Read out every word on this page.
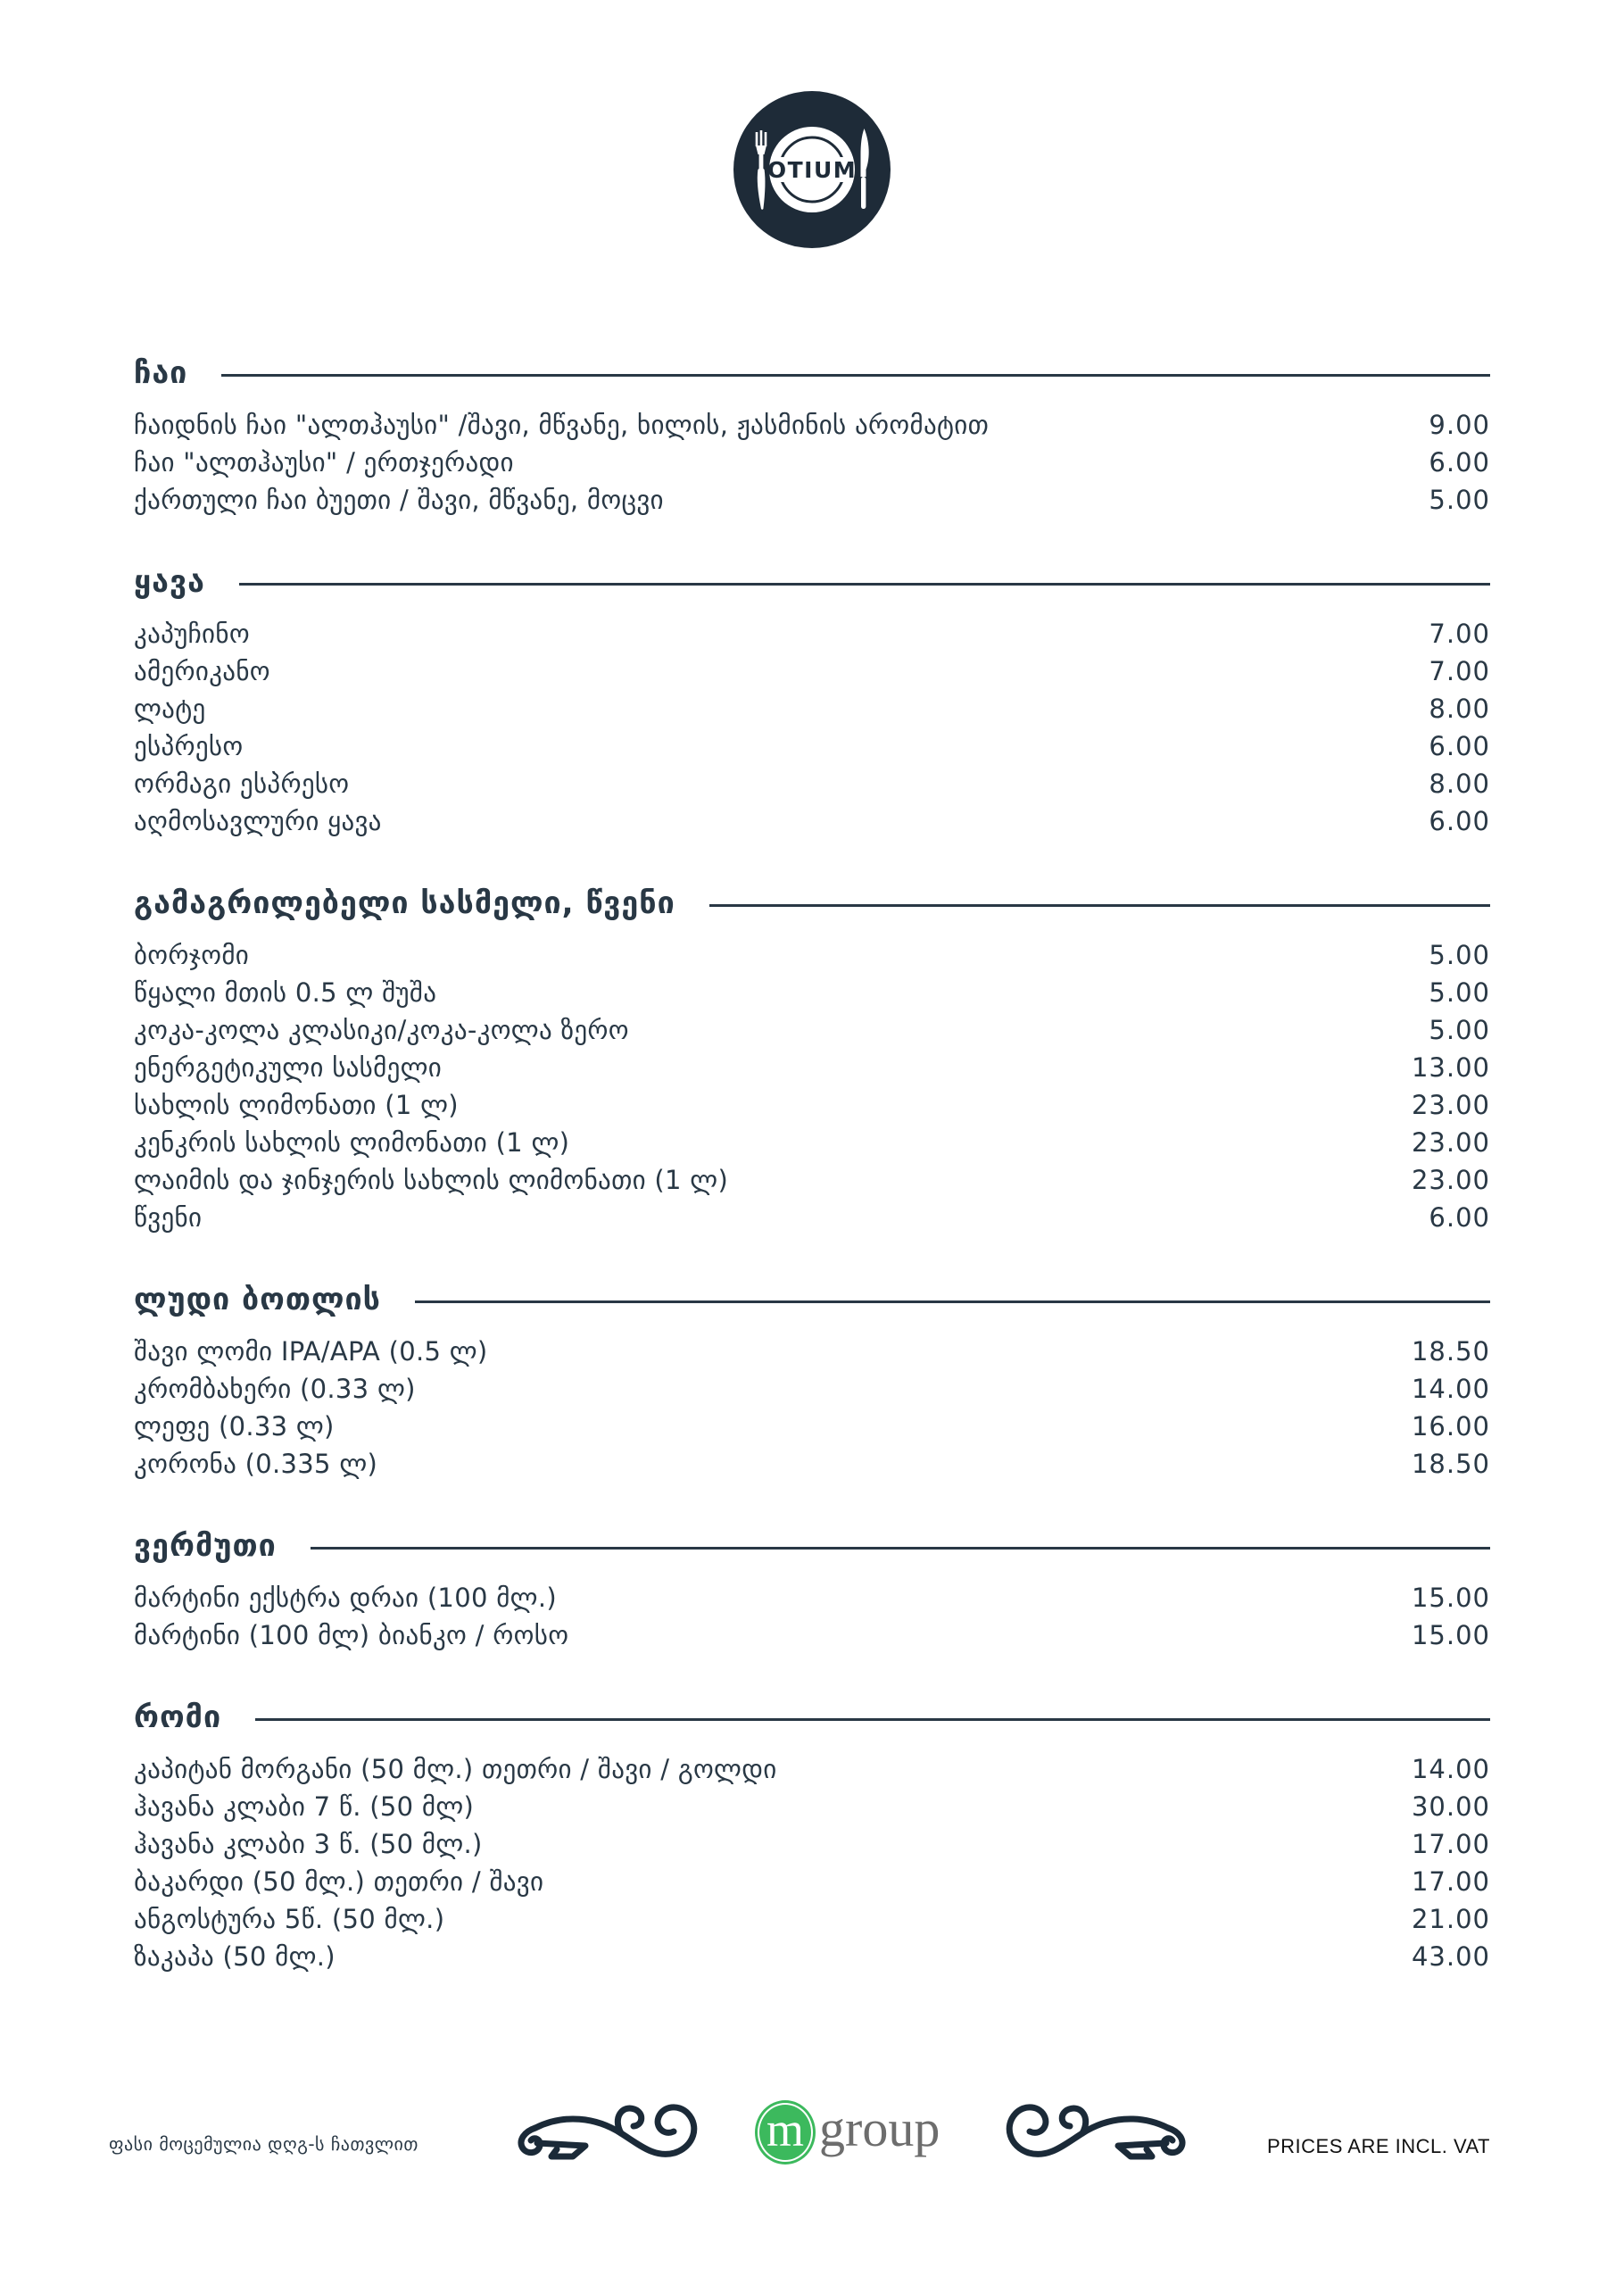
OTIUM
ჩაი
ჩაიდნის ჩაი "ალთჰაუსი" /შავი, მწვანე, ხილის, ჟასმინის არომატით	9.00
ჩაი "ალთჰაუსი" / ერთჯერადი	6.00
ქართული ჩაი ბუეთი / შავი, მწვანე, მოცვი	5.00
ყავა
კაპუჩინო	7.00
ამერიკანო	7.00
ლატე	8.00
ესპრესო	6.00
ორმაგი ესპრესო	8.00
აღმოსავლური ყავა	6.00
გამაგრილებელი სასმელი, წვენი
ბორჯომი	5.00
წყალი მთის 0.5 ლ შუშა	5.00
კოკა-კოლა კლასიკი/კოკა-კოლა ზერო	5.00
ენერგეტიკული სასმელი	13.00
სახლის ლიმონათი (1 ლ)	23.00
კენკრის სახლის ლიმონათი (1 ლ)	23.00
ლაიმის და ჯინჯერის სახლის ლიმონათი (1 ლ)	23.00
წვენი	6.00
ლუდი ბოთლის
შავი ლომი IPA/APA (0.5 ლ)	18.50
კრომბახერი (0.33 ლ)	14.00
ლეფე (0.33 ლ)	16.00
კორონა (0.335 ლ)	18.50
ვერმუთი
მარტინი ექსტრა დრაი (100 მლ.)	15.00
მარტინი (100 მლ) ბიანკო / როსო	15.00
რომი
კაპიტან მორგანი (50 მლ.) თეთრი / შავი / გოლდი	14.00
ჰავანა კლაბი 7 წ. (50 მლ)	30.00
ჰავანა კლაბი 3 წ. (50 მლ.)	17.00
ბაკარდი (50 მლ.) თეთრი / შავი	17.00
ანგოსტურა 5წ. (50 მლ.)	21.00
ზაკაპა (50 მლ.)	43.00
ფასი მოცემულია დღგ-ს ჩათვლით	m group	PRICES ARE INCL. VAT
